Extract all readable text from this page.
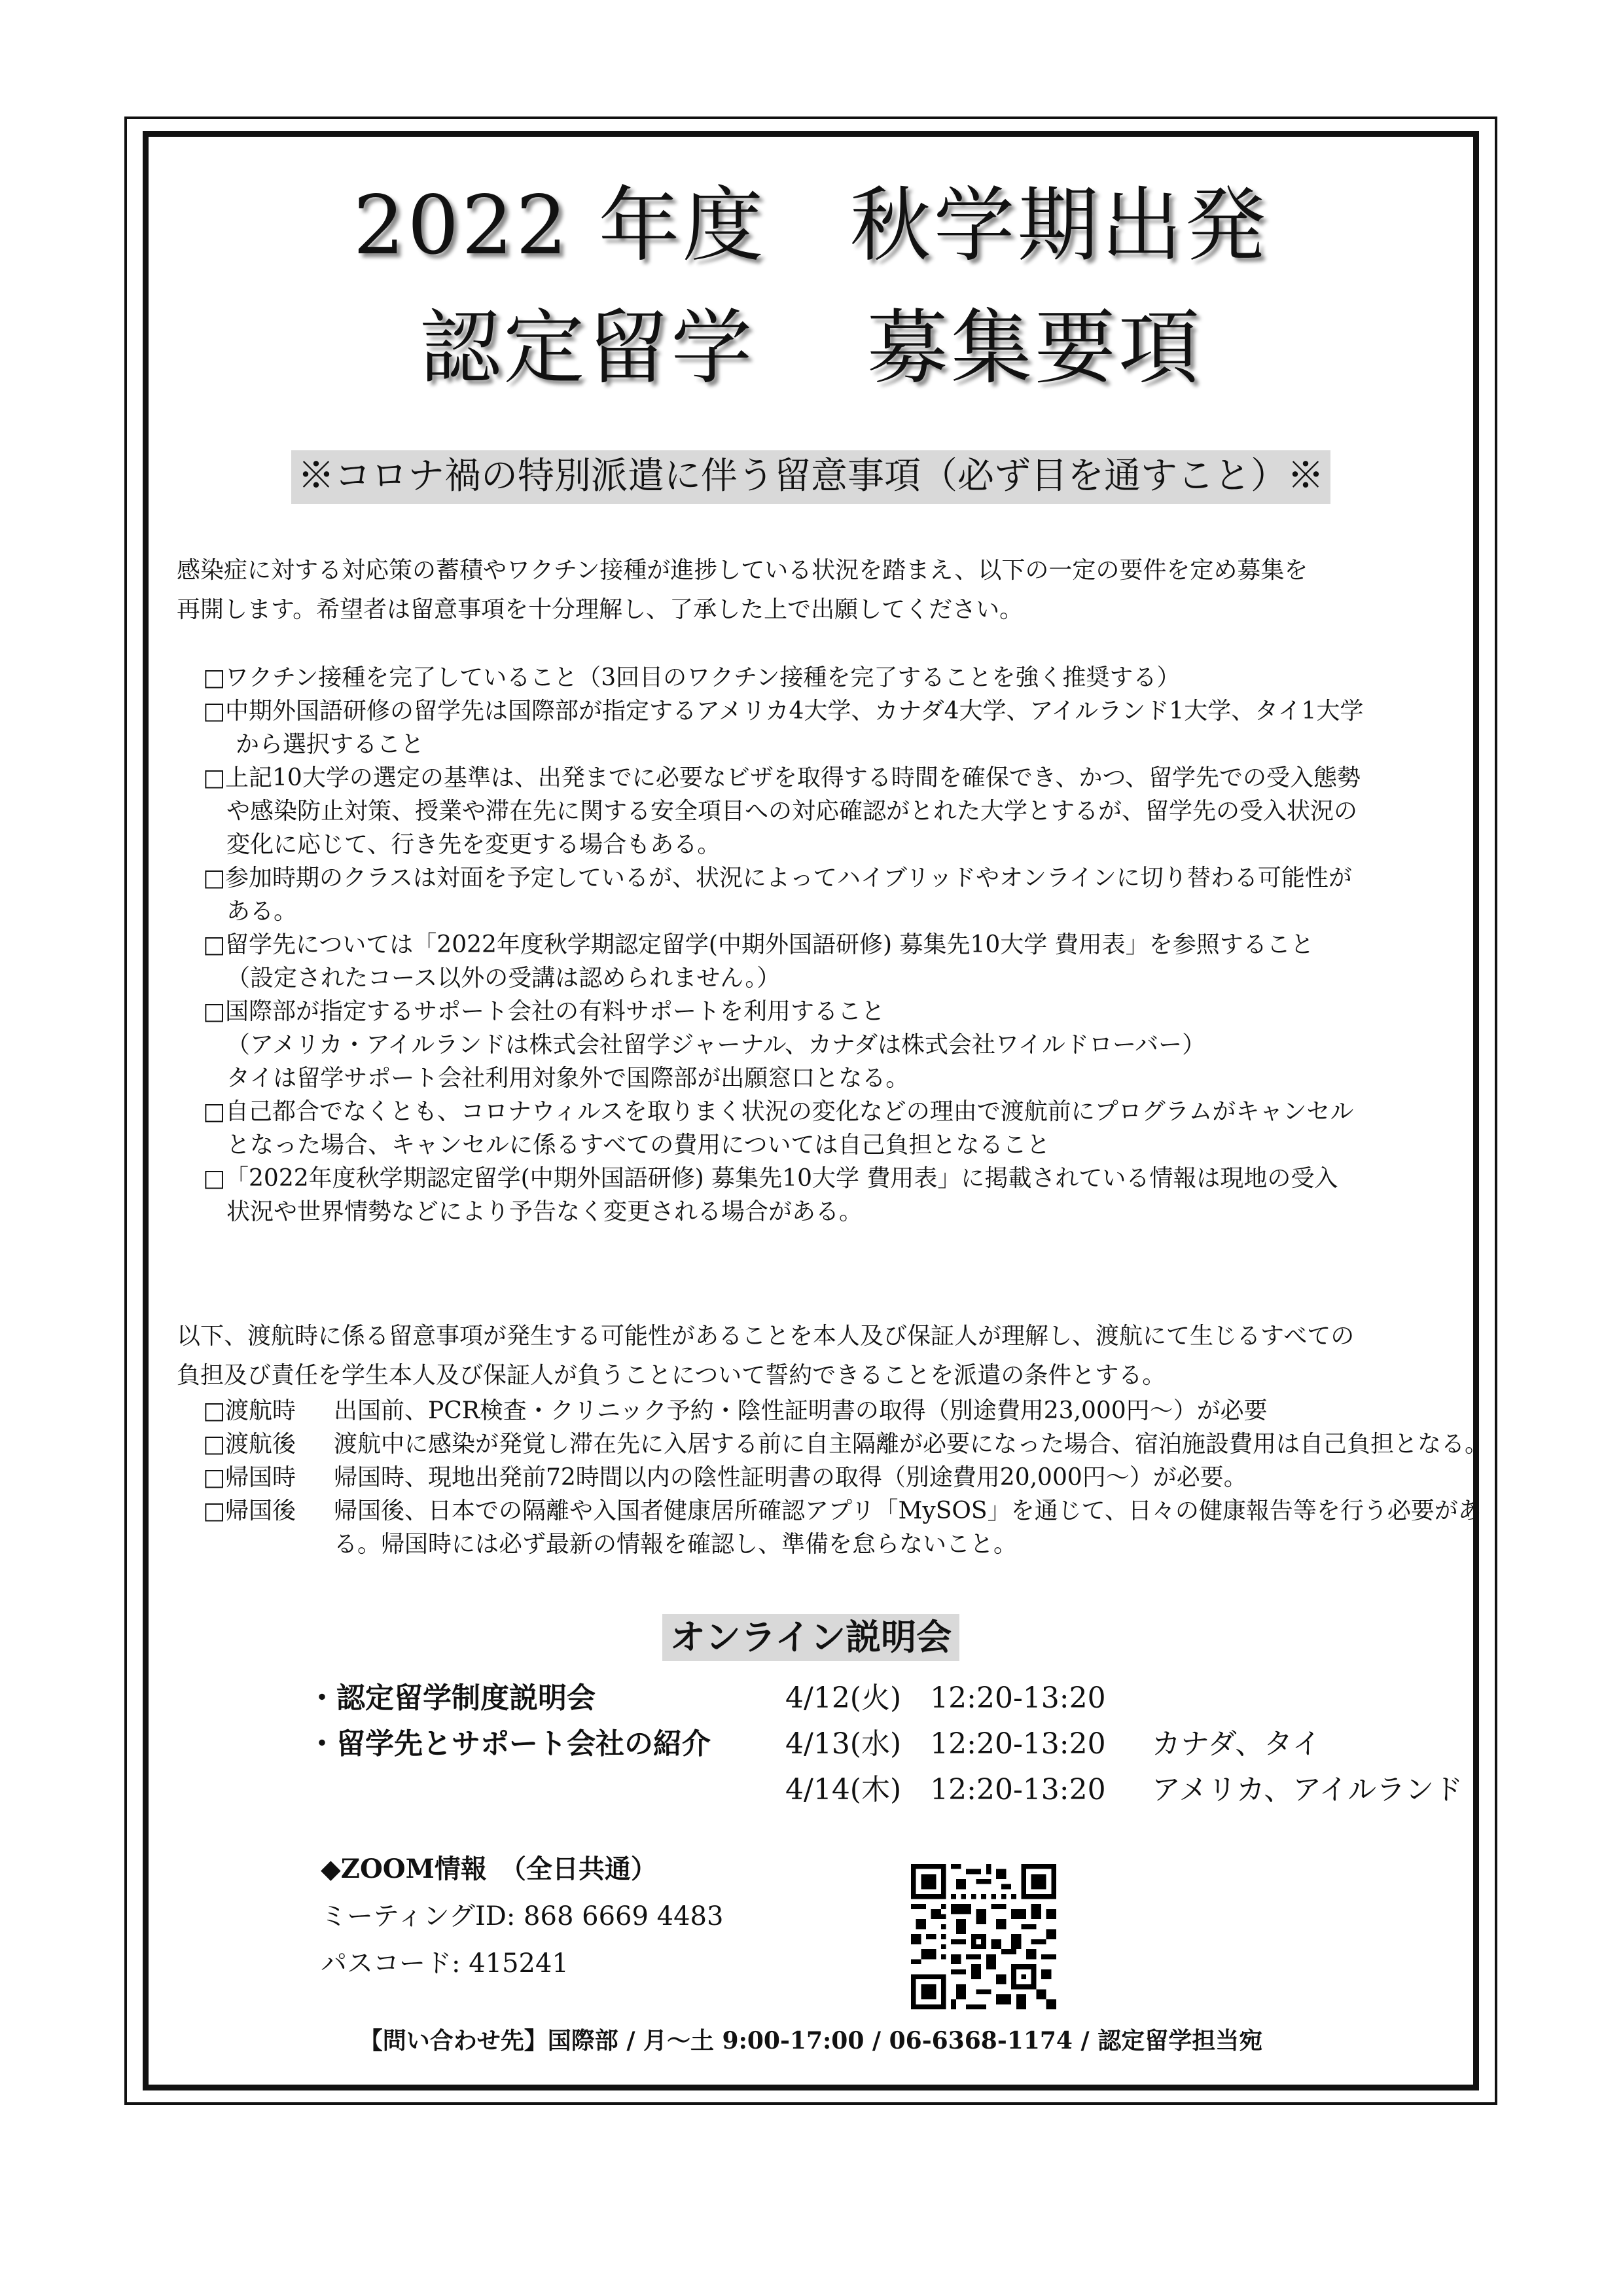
2022 年度　秋学期出発
認定留学　 募集要項
※コロナ禍の特別派遣に伴う留意事項（必ず目を通すこと）※

感染症に対する対応策の蓄積やワクチン接種が進捗している状況を踏まえ、以下の一定の要件を定め募集を
再開します。希望者は留意事項を十分理解し、了承した上で出願してください。

□ワクチン接種を完了していること（3回目のワクチン接種を完了することを強く推奨する）
□中期外国語研修の留学先は国際部が指定するアメリカ4大学、カナダ4大学、アイルランド1大学、タイ1大学
から選択すること
□上記10大学の選定の基準は、出発までに必要なビザを取得する時間を確保でき、かつ、留学先での受入態勢
や感染防止対策、授業や滞在先に関する安全項目への対応確認がとれた大学とするが、留学先の受入状況の
変化に応じて、行き先を変更する場合もある。
□参加時期のクラスは対面を予定しているが、状況によってハイブリッドやオンラインに切り替わる可能性が
ある。
□留学先については「2022年度秋学期認定留学(中期外国語研修) 募集先10大学 費用表」を参照すること
（設定されたコース以外の受講は認められません。）
□国際部が指定するサポート会社の有料サポートを利用すること
（アメリカ・アイルランドは株式会社留学ジャーナル、カナダは株式会社ワイルドローバー）
タイは留学サポート会社利用対象外で国際部が出願窓口となる。
□自己都合でなくとも、コロナウィルスを取りまく状況の変化などの理由で渡航前にプログラムがキャンセル
となった場合、キャンセルに係るすべての費用については自己負担となること
□「2022年度秋学期認定留学(中期外国語研修) 募集先10大学 費用表」に掲載されている情報は現地の受入
状況や世界情勢などにより予告なく変更される場合がある。

以下、渡航時に係る留意事項が発生する可能性があることを本人及び保証人が理解し、渡航にて生じるすべての
負担及び責任を学生本人及び保証人が負うことについて誓約できることを派遣の条件とする。

□渡航時	出国前、PCR検査・クリニック予約・陰性証明書の取得（別途費用23,000円～）が必要
□渡航後	渡航中に感染が発覚し滞在先に入居する前に自主隔離が必要になった場合、宿泊施設費用は自己負担となる。
□帰国時	帰国時、現地出発前72時間以内の陰性証明書の取得（別途費用20,000円～）が必要。
□帰国後	帰国後、日本での隔離や入国者健康居所確認アプリ「MySOS」を通じて、日々の健康報告等を行う必要がある。帰国時には必ず最新の情報を確認し、準備を怠らないこと。
オンライン説明会
・認定留学制度説明会	4/12(火)　12:20-13:20
・留学先とサポート会社の紹介	4/13(水)　12:20-13:20	カナダ、タイ
4/14(木)　12:20-13:20	アメリカ、アイルランド
◆ZOOM情報　（全日共通）
ミーティングID: 868 6669 4483
パスコード: 415241
【問い合わせ先】国際部 / 月～土 9:00-17:00 / 06-6368-1174 / 認定留学担当宛
